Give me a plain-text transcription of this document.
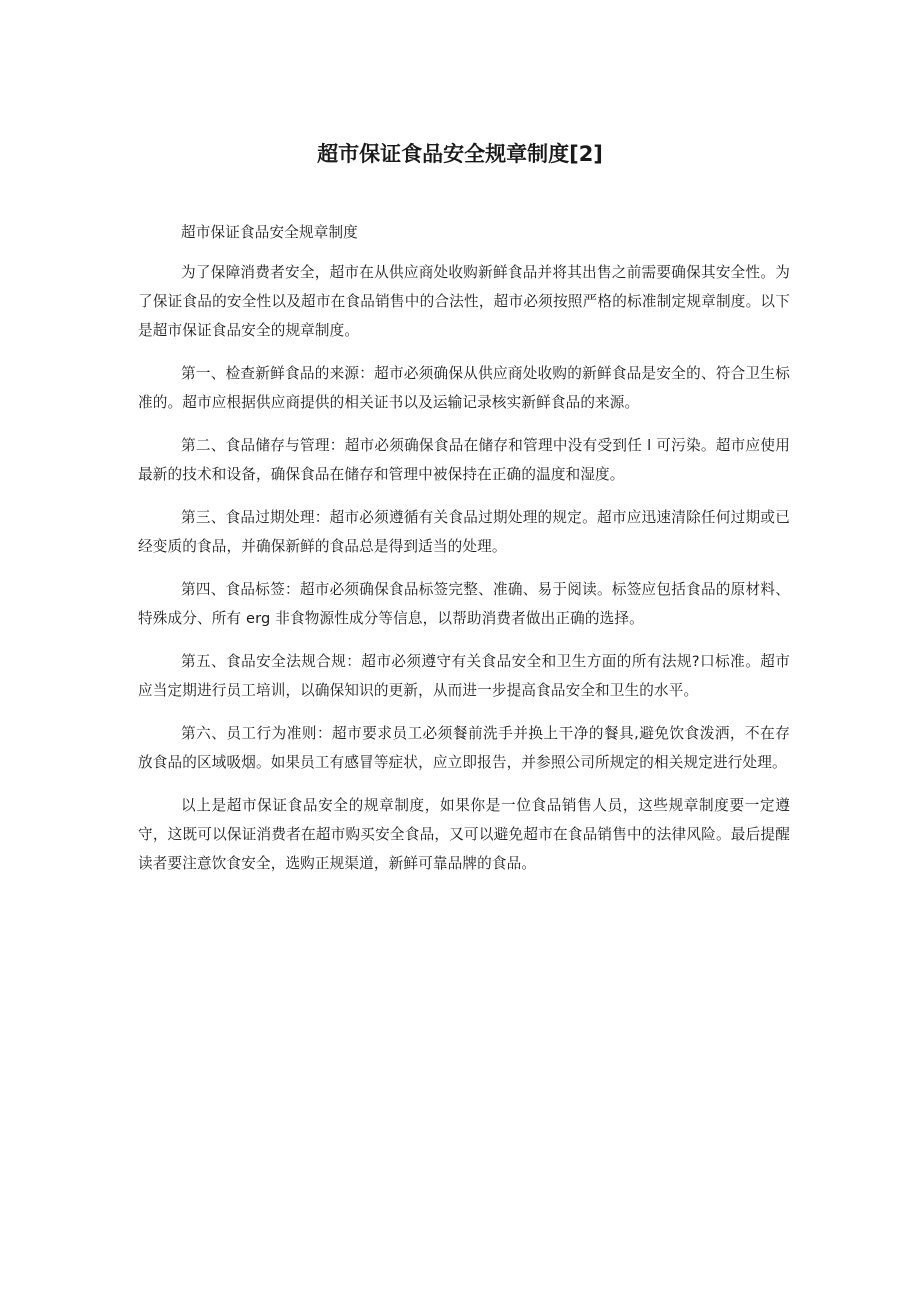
超市保证食品安全规章制度[2]

超市保证食品安全规章制度

为了保障消费者安全，超市在从供应商处收购新鲜食品并将其出售之前需要确保其安全性。为了保证食品的安全性以及超市在食品销售中的合法性，超市必须按照严格的标准制定规章制度。以下是超市保证食品安全的规章制度。

第一、检查新鲜食品的来源：超市必须确保从供应商处收购的新鲜食品是安全的、符合卫生标准的。超市应根据供应商提供的相关证书以及运输记录核实新鲜食品的来源。

第二、食品储存与管理：超市必须确保食品在储存和管理中没有受到任 l 可污染。超市应使用最新的技术和设备，确保食品在储存和管理中被保持在正确的温度和湿度。

第三、食品过期处理：超市必须遵循有关食品过期处理的规定。超市应迅速清除任何过期或已经变质的食品，并确保新鲜的食品总是得到适当的处理。

第四、食品标签：超市必须确保食品标签完整、准确、易于阅读。标签应包括食品的原材料、特殊成分、所有 erg 非食物源性成分等信息，以帮助消费者做出正确的选择。

第五、食品安全法规合规：超市必须遵守有关食品安全和卫生方面的所有法规?口标准。超市应当定期进行员工培训，以确保知识的更新，从而进一步提高食品安全和卫生的水平。

第六、员工行为准则：超市要求员工必须餐前洗手并换上干净的餐具,避免饮食泼洒，不在存放食品的区域吸烟。如果员工有感冒等症状，应立即报告，并参照公司所规定的相关规定进行处理。

以上是超市保证食品安全的规章制度，如果你是一位食品销售人员，这些规章制度要一定遵守，这既可以保证消费者在超市购买安全食品，又可以避免超市在食品销售中的法律风险。最后提醒读者要注意饮食安全，选购正规渠道，新鲜可靠品牌的食品。
